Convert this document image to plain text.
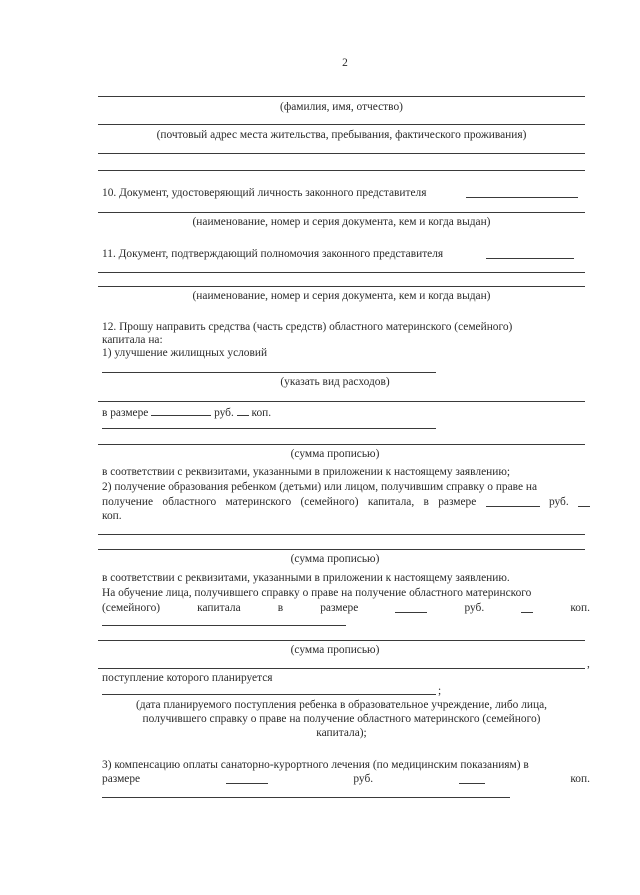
2
(фамилия, имя, отчество)
(почтовый адрес места жительства, пребывания, фактического проживания)
10. Документ, удостоверяющий личность законного представителя
(наименование, номер и серия документа, кем и когда выдан)
11. Документ, подтверждающий полномочия законного представителя
(наименование, номер и серия документа, кем и когда выдан)
12. Прошу направить средства (часть средств) областного материнского (семейного)
капитала на:
1) улучшение жилищных условий
(указать вид расходов)
в размере	руб. коп.
(сумма прописью)
в соответствии с реквизитами, указанными в приложении к настоящему заявлению;
2) получение образования ребенком (детьми) или лицом, получившим справку о праве на
получение областного материнского (семейного) капитала, в размере	руб.
коп.
(сумма прописью)
в соответствии с реквизитами, указанными в приложении к настоящему заявлению.
На обучение лица, получившего справку о праве на получение областного материнского
(семейного)	капитала	в	размере	руб.	коп.
(сумма прописью)
,
поступление которого планируется
;
(дата планируемого поступления ребенка в образовательное учреждение, либо лица,
получившего справку о праве на получение областного материнского (семейного)
капитала);
3) компенсацию оплаты санаторно-курортного лечения (по медицинским показаниям) в
размере	руб.	коп.
